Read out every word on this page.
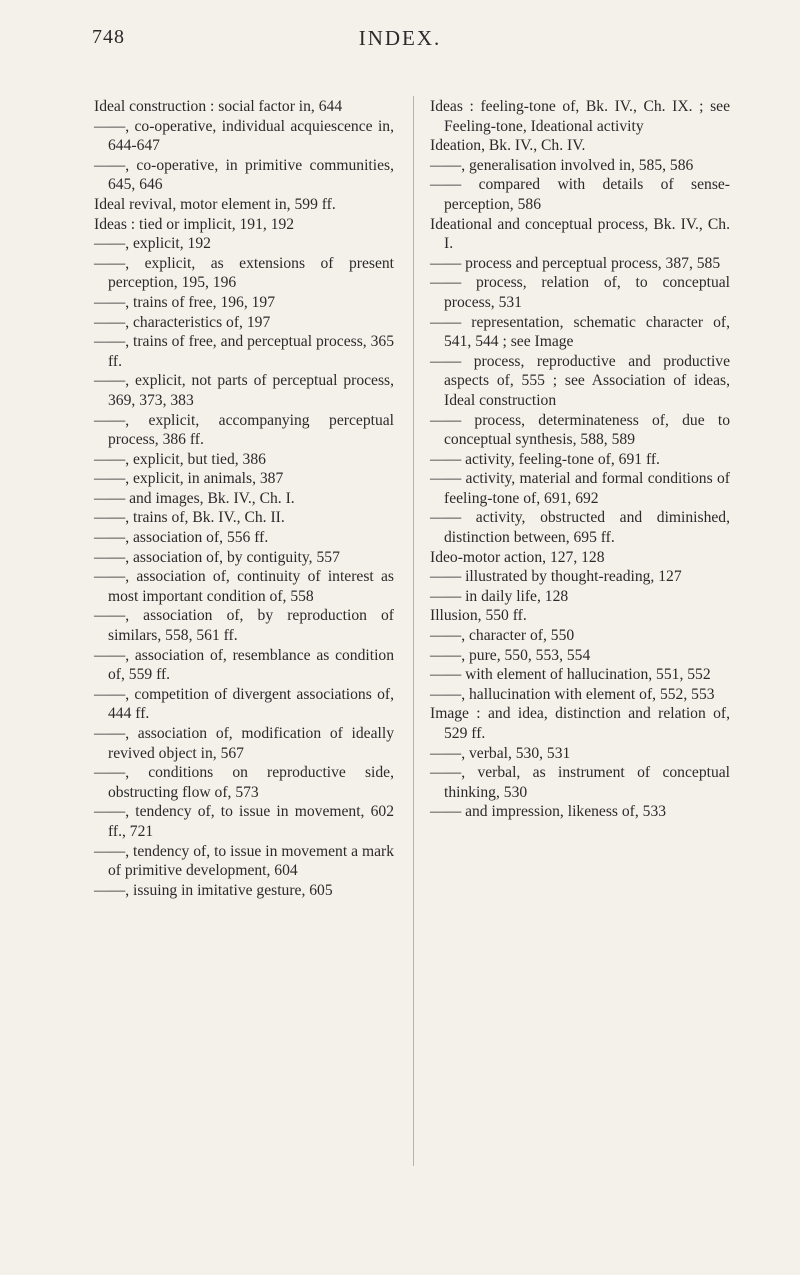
748	INDEX.

Ideal construction : social factor in, 644

——, co-operative, individual acquiescence in, 644-647

——, co-operative, in primitive communities, 645, 646

Ideal revival, motor element in, 599 ff.

Ideas : tied or implicit, 191, 192

——, explicit, 192

——, explicit, as extensions of present perception, 195, 196

——, trains of free, 196, 197

——, characteristics of, 197

——, trains of free, and perceptual process, 365 ff.

——, explicit, not parts of perceptual process, 369, 373, 383

——, explicit, accompanying perceptual process, 386 ff.

——, explicit, but tied, 386

——, explicit, in animals, 387

—— and images, Bk. IV., Ch. I.

——, trains of, Bk. IV., Ch. II.

——, association of, 556 ff.

——, association of, by contiguity, 557

——, association of, continuity of interest as most important condition of, 558

——, association of, by reproduction of similars, 558, 561 ff.

——, association of, resemblance as condition of, 559 ff.

——, competition of divergent associations of, 444 ff.

——, association of, modification of ideally revived object in, 567

——, conditions on reproductive side, obstructing flow of, 573

——, tendency of, to issue in movement, 602 ff., 721

——, tendency of, to issue in movement a mark of primitive development, 604

——, issuing in imitative gesture, 605

Ideas : feeling-tone of, Bk. IV., Ch. IX. ; see Feeling-tone, Ideational activity

Ideation, Bk. IV., Ch. IV.

——, generalisation involved in, 585, 586

—— compared with details of sense-perception, 586

Ideational and conceptual process, Bk. IV., Ch. I.

—— process and perceptual process, 387, 585

—— process, relation of, to conceptual process, 531

—— representation, schematic character of, 541, 544 ; see Image

—— process, reproductive and productive aspects of, 555 ; see Association of ideas, Ideal construction

—— process, determinateness of, due to conceptual synthesis, 588, 589

—— activity, feeling-tone of, 691 ff.

—— activity, material and formal conditions of feeling-tone of, 691, 692

—— activity, obstructed and diminished, distinction between, 695 ff.

Ideo-motor action, 127, 128

—— illustrated by thought-reading, 127

—— in daily life, 128

Illusion, 550 ff.

——, character of, 550

——, pure, 550, 553, 554

—— with element of hallucination, 551, 552

——, hallucination with element of, 552, 553

Image : and idea, distinction and relation of, 529 ff.

——, verbal, 530, 531

——, verbal, as instrument of conceptual thinking, 530

—— and impression, likeness of, 533
